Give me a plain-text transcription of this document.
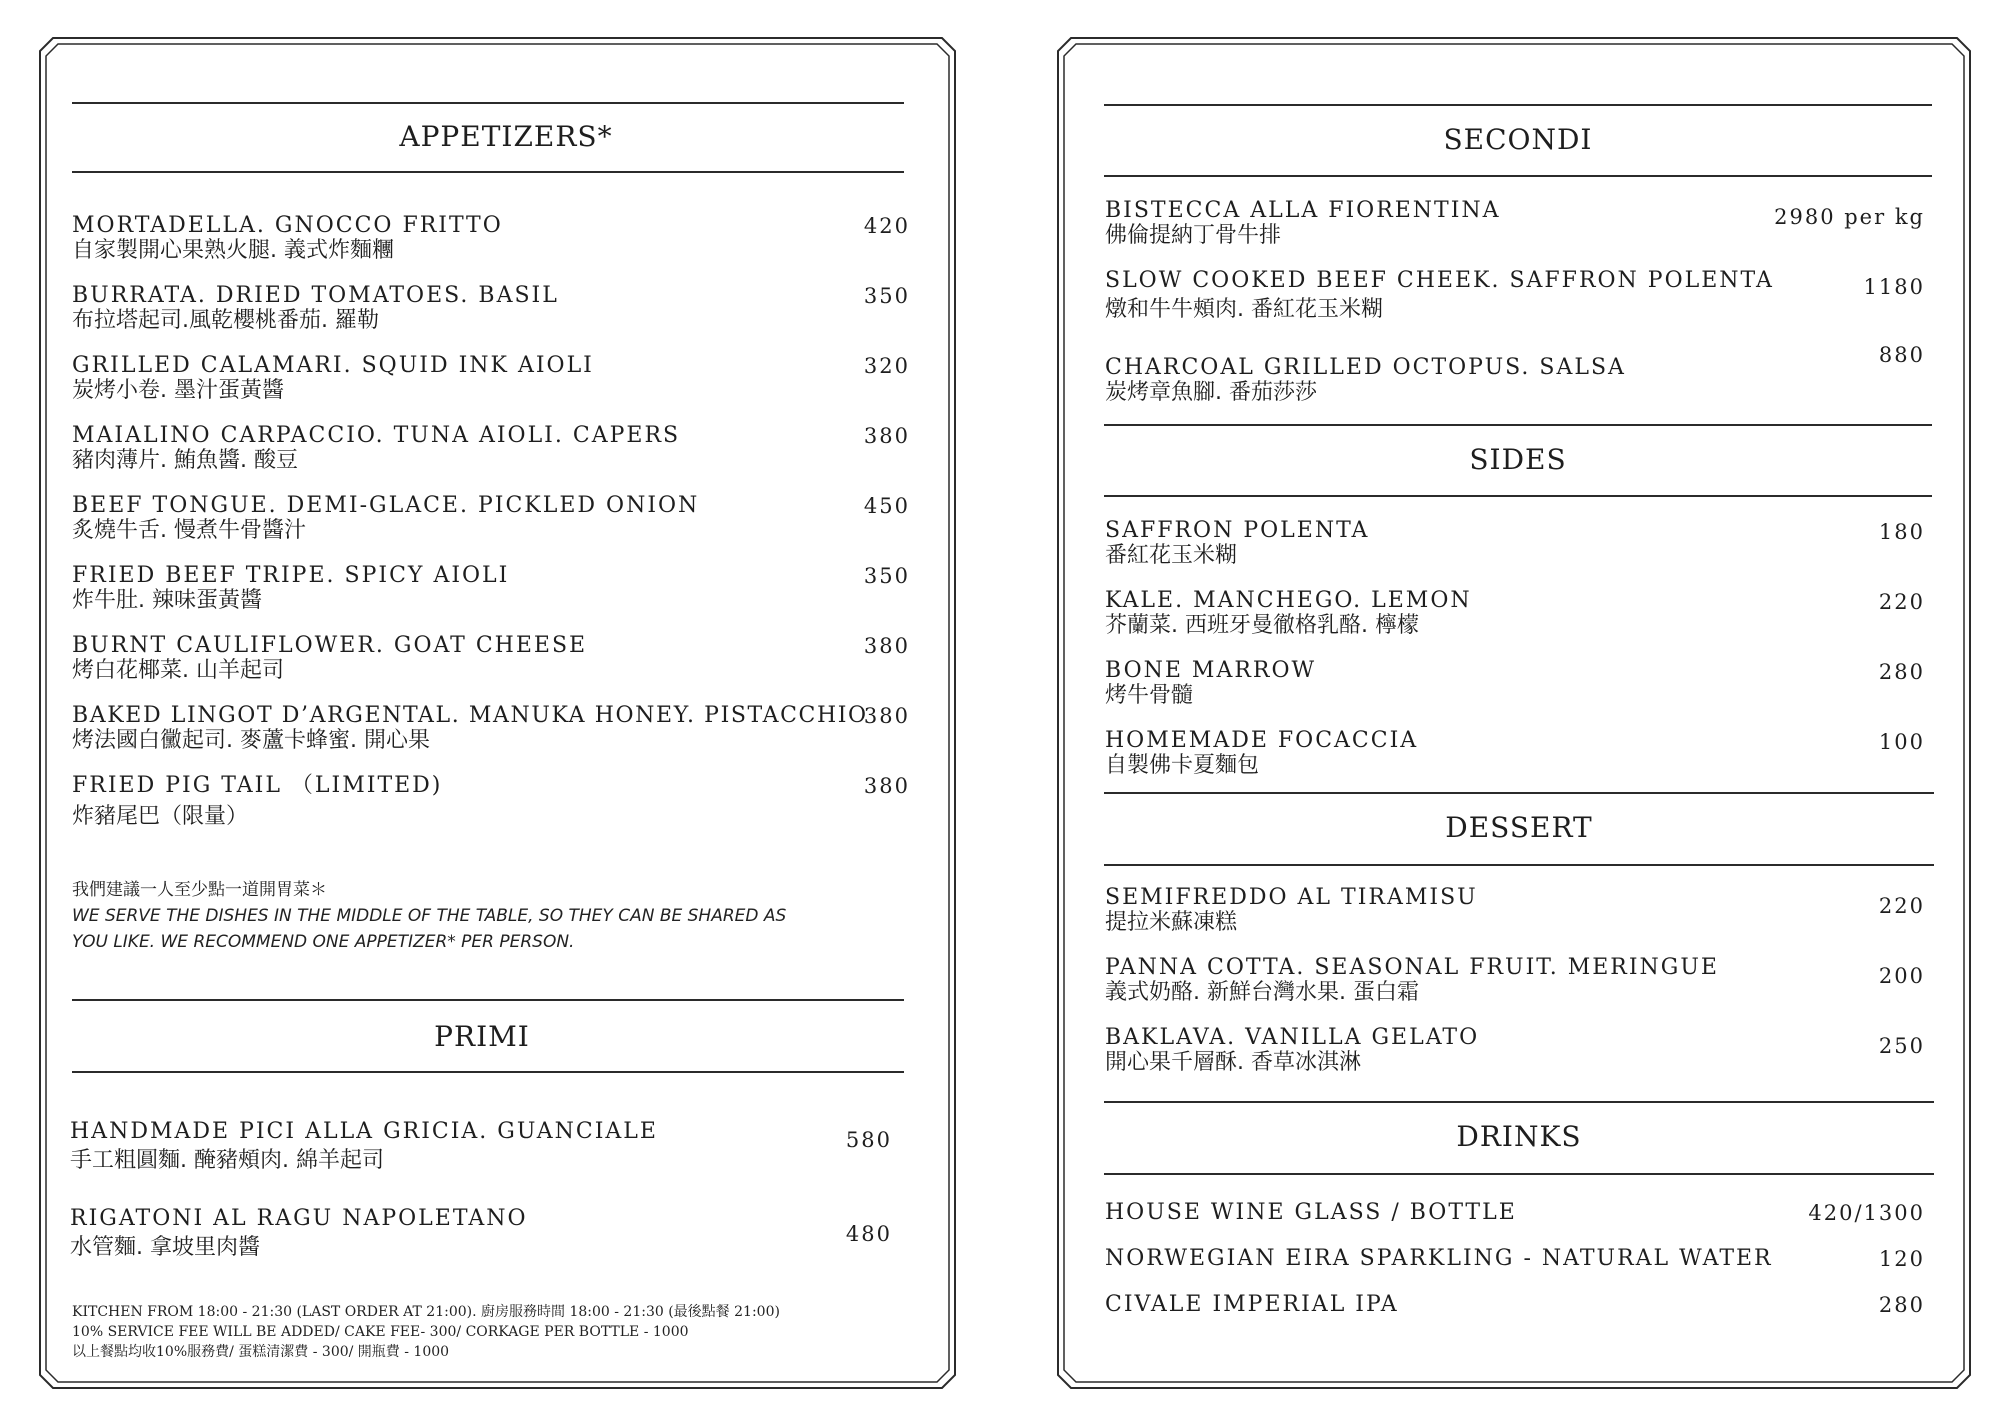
APPETIZERS*
MORTADELLA. GNOCCO FRITTO
自家製開心果熟火腿. 義式炸麵糰
420
BURRATA. DRIED TOMATOES. BASIL
布拉塔起司.風乾櫻桃番茄. 羅勒
350
GRILLED CALAMARI. SQUID INK AIOLI
炭烤小卷. 墨汁蛋黃醬
320
MAIALINO CARPACCIO. TUNA AIOLI. CAPERS
豬肉薄片. 鮪魚醬. 酸豆
380
BEEF TONGUE. DEMI-GLACE. PICKLED ONION
炙燒牛舌. 慢煮牛骨醬汁
450
FRIED BEEF TRIPE. SPICY AIOLI
炸牛肚. 辣味蛋黃醬
350
BURNT CAULIFLOWER. GOAT CHEESE
烤白花椰菜. 山羊起司
380
BAKED LINGOT D’ARGENTAL. MANUKA HONEY. PISTACCHIO
烤法國白黴起司. 麥蘆卡蜂蜜. 開心果
380
FRIED PIG TAIL （LIMITED)
炸豬尾巴（限量）
380
我們建議一人至少點一道開胃菜＊
WE SERVE THE DISHES IN THE MIDDLE OF THE TABLE, SO THEY CAN BE SHARED AS
YOU LIKE. WE RECOMMEND ONE APPETIZER* PER PERSON.
PRIMI
HANDMADE PICI ALLA GRICIA. GUANCIALE
手工粗圓麵. 醃豬頰肉. 綿羊起司
580
RIGATONI AL RAGU NAPOLETANO
水管麵. 拿坡里肉醬
480
KITCHEN FROM 18:00 - 21:30 (LAST ORDER AT 21:00). 廚房服務時間 18:00 - 21:30 (最後點餐 21:00)
10% SERVICE FEE WILL BE ADDED/ CAKE FEE- 300/ CORKAGE PER BOTTLE - 1000
以上餐點均收10%服務費/ 蛋糕清潔費 - 300/ 開瓶費 - 1000
SECONDI
BISTECCA ALLA FIORENTINA
佛倫提納丁骨牛排
2980 per kg
SLOW COOKED BEEF CHEEK. SAFFRON POLENTA
燉和牛牛頰肉. 番紅花玉米糊
1180
CHARCOAL GRILLED OCTOPUS. SALSA
炭烤章魚腳. 番茄莎莎
880
SIDES
SAFFRON POLENTA
番紅花玉米糊
180
KALE. MANCHEGO. LEMON
芥蘭菜. 西班牙曼徹格乳酪. 檸檬
220
BONE MARROW
烤牛骨髓
280
HOMEMADE FOCACCIA
自製佛卡夏麵包
100
DESSERT
SEMIFREDDO AL TIRAMISU
提拉米蘇凍糕
220
PANNA COTTA. SEASONAL FRUIT. MERINGUE
義式奶酪. 新鮮台灣水果. 蛋白霜
200
BAKLAVA. VANILLA GELATO
開心果千層酥. 香草冰淇淋
250
DRINKS
HOUSE WINE GLASS / BOTTLE	420/1300
NORWEGIAN EIRA SPARKLING - NATURAL WATER	120
CIVALE IMPERIAL IPA	280
